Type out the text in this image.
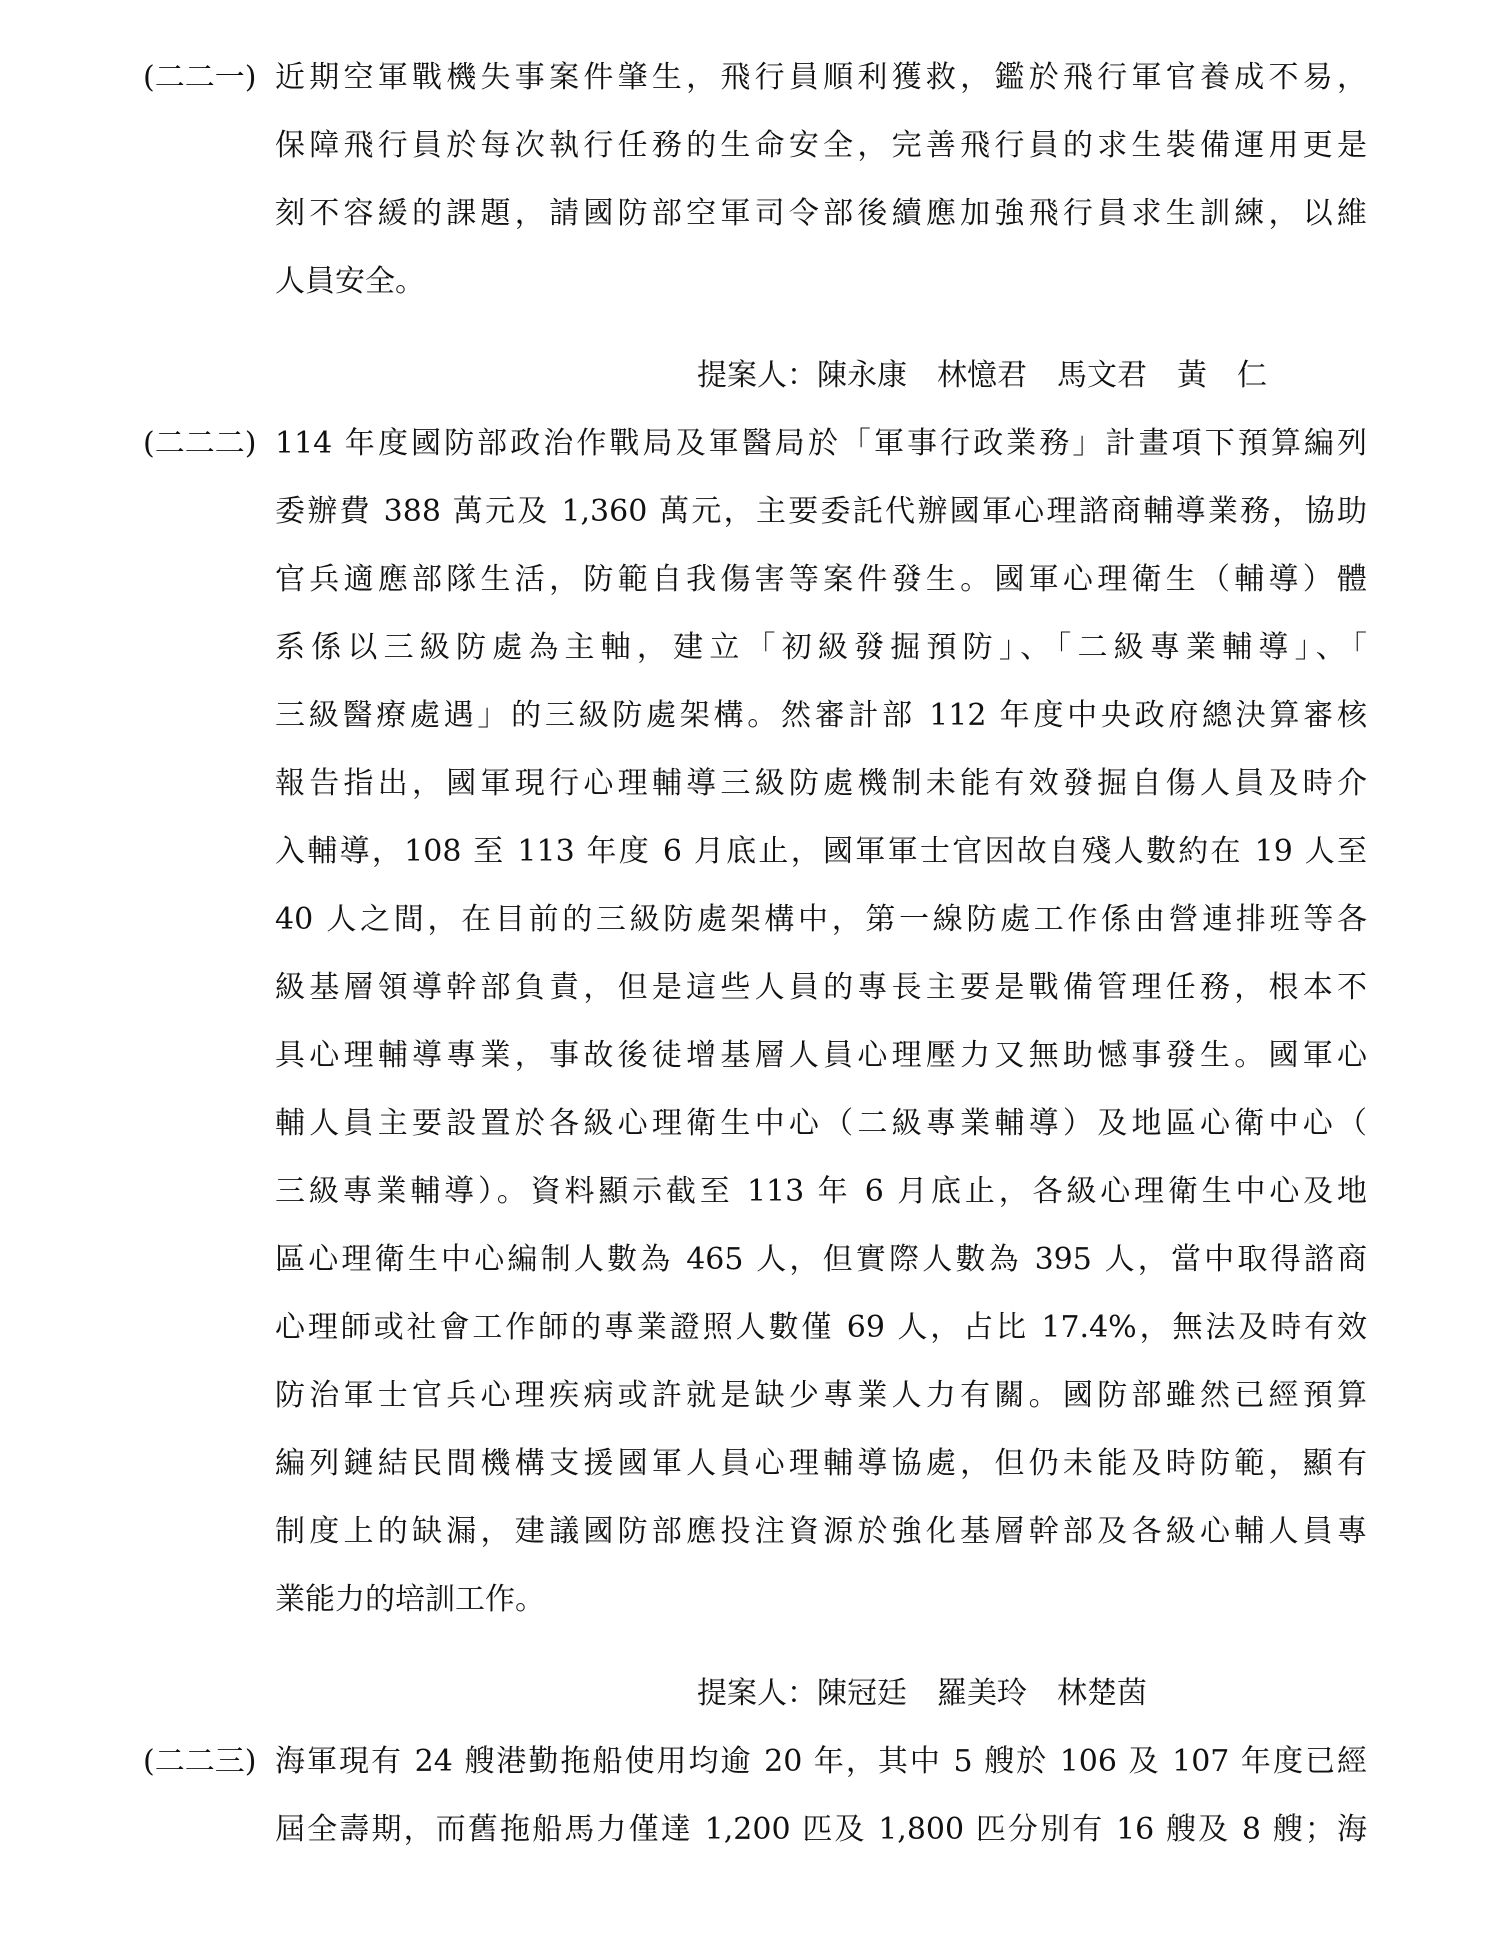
(二二一) 近期空軍戰機失事案件肇生，飛行員順利獲救，鑑於飛行軍官養成不易，
保障飛行員於每次執行任務的生命安全，完善飛行員的求生裝備運用更是
刻不容緩的課題，請國防部空軍司令部後續應加強飛行員求生訓練，以維
人員安全。
提案人：陳永康　林憶君　馬文君　黃　仁
(二二二) 114 年度國防部政治作戰局及軍醫局於「軍事行政業務」計畫項下預算編列
委辦費 388 萬元及 1,360 萬元，主要委託代辦國軍心理諮商輔導業務，協助
官兵適應部隊生活，防範自我傷害等案件發生。國軍心理衛生（輔導）體
系係以三級防處為主軸，建立「初級發掘預防」、「二級專業輔導」、「
三級醫療處遇」的三級防處架構。然審計部 112 年度中央政府總決算審核
報告指出，國軍現行心理輔導三級防處機制未能有效發掘自傷人員及時介
入輔導，108 至 113 年度 6 月底止，國軍軍士官因故自殘人數約在 19 人至
40 人之間，在目前的三級防處架構中，第一線防處工作係由營連排班等各
級基層領導幹部負責，但是這些人員的專長主要是戰備管理任務，根本不
具心理輔導專業，事故後徒增基層人員心理壓力又無助憾事發生。國軍心
輔人員主要設置於各級心理衛生中心（二級專業輔導）及地區心衛中心（
三級專業輔導）。資料顯示截至 113 年 6 月底止，各級心理衛生中心及地
區心理衛生中心編制人數為 465 人，但實際人數為 395 人，當中取得諮商
心理師或社會工作師的專業證照人數僅 69 人，占比 17.4%，無法及時有效
防治軍士官兵心理疾病或許就是缺少專業人力有關。國防部雖然已經預算
編列鏈結民間機構支援國軍人員心理輔導協處，但仍未能及時防範，顯有
制度上的缺漏，建議國防部應投注資源於強化基層幹部及各級心輔人員專
業能力的培訓工作。
提案人：陳冠廷　羅美玲　林楚茵
(二二三) 海軍現有 24 艘港勤拖船使用均逾 20 年，其中 5 艘於 106 及 107 年度已經
屆全壽期，而舊拖船馬力僅達 1,200 匹及 1,800 匹分別有 16 艘及 8 艘；海
